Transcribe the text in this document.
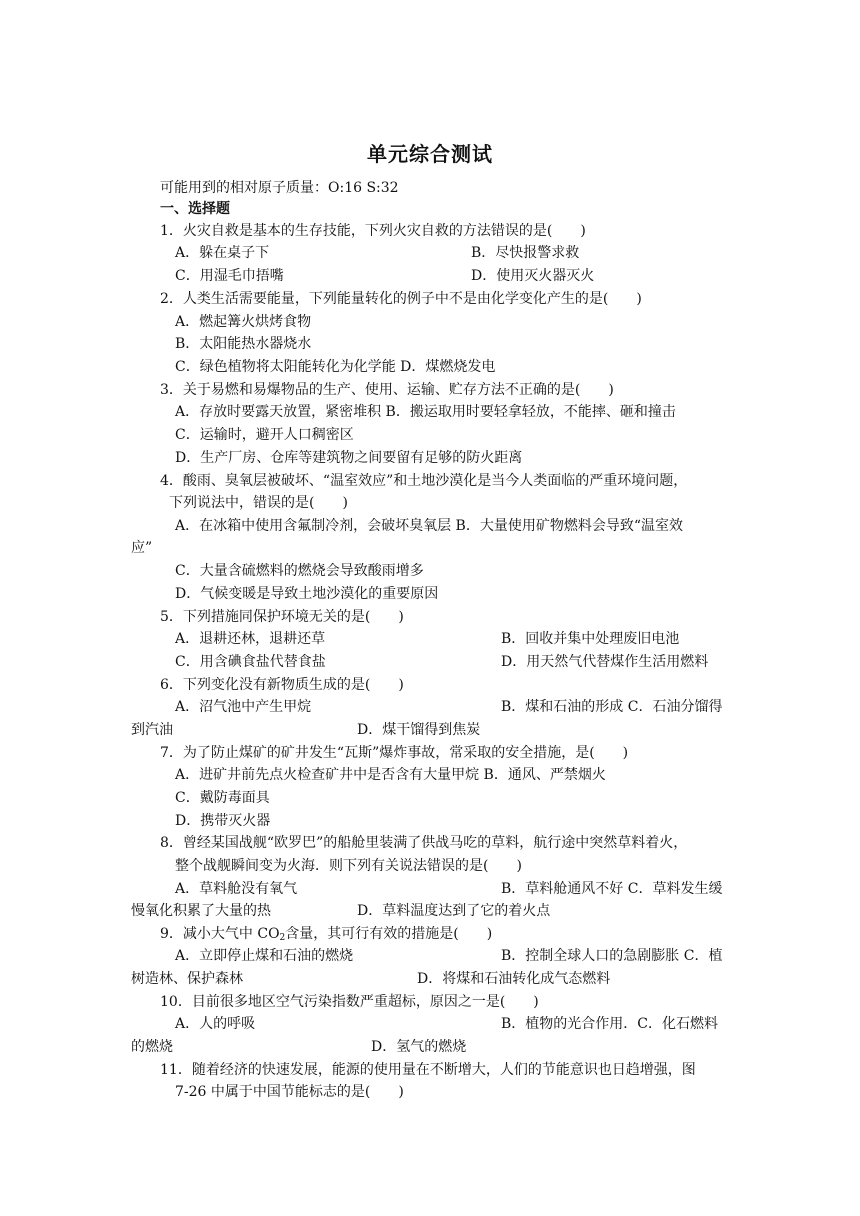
单元综合测试
可能用到的相对原子质量：O:16 S:32
一、选择题
1．火灾自救是基本的生存技能，下列火灾自救的方法错误的是(　　)
A．躲在桌子下	B．尽快报警求救
C．用湿毛巾捂嘴	D．使用灭火器灭火
2．人类生活需要能量，下列能量转化的例子中不是由化学变化产生的是(　　)
A．燃起篝火烘烤食物
B．太阳能热水器烧水
C．绿色植物将太阳能转化为化学能 D．煤燃烧发电
3．关于易燃和易爆物品的生产、使用、运输、贮存方法不正确的是(　　)
A．存放时要露天放置，紧密堆积 B．搬运取用时要轻拿轻放，不能摔、砸和撞击
C．运输时，避开人口稠密区
D．生产厂房、仓库等建筑物之间要留有足够的防火距离
4．酸雨、臭氧层被破坏、“温室效应”和土地沙漠化是当今人类面临的严重环境问题，
下列说法中，错误的是(　　)
A．在冰箱中使用含氟制冷剂，会破坏臭氧层 B．大量使用矿物燃料会导致“温室效
应”
C．大量含硫燃料的燃烧会导致酸雨增多
D．气候变暖是导致土地沙漠化的重要原因
5．下列措施同保护环境无关的是(　　)
A．退耕还林，退耕还草	B．回收并集中处理废旧电池
C．用含碘食盐代替食盐	D．用天然气代替煤作生活用燃料
6．下列变化没有新物质生成的是(　　)
A．沼气池中产生甲烷	B．煤和石油的形成 C．石油分馏得
到汽油	D．煤干馏得到焦炭
7．为了防止煤矿的矿井发生“瓦斯”爆炸事故，常采取的安全措施，是(　　)
A．进矿井前先点火检查矿井中是否含有大量甲烷 B．通风、严禁烟火
C．戴防毒面具
D．携带灭火器
8．曾经某国战舰“欧罗巴”的船舱里装满了供战马吃的草料，航行途中突然草料着火，
整个战舰瞬间变为火海．则下列有关说法错误的是(　　)
A．草料舱没有氧气	B．草料舱通风不好 C．草料发生缓
慢氧化积累了大量的热	D．草料温度达到了它的着火点
9．减小大气中 $CO_2$含量，其可行有效的措施是(　　)
A．立即停止煤和石油的燃烧	B．控制全球人口的急剧膨胀 C．植
树造林、保护森林	D．将煤和石油转化成气态燃料
10．目前很多地区空气污染指数严重超标，原因之一是(　　)
A．人的呼吸	B．植物的光合作用．C．化石燃料
的燃烧	D．氢气的燃烧
11．随着经济的快速发展，能源的使用量在不断增大，人们的节能意识也日趋增强，图
7-26 中属于中国节能标志的是(　　)
